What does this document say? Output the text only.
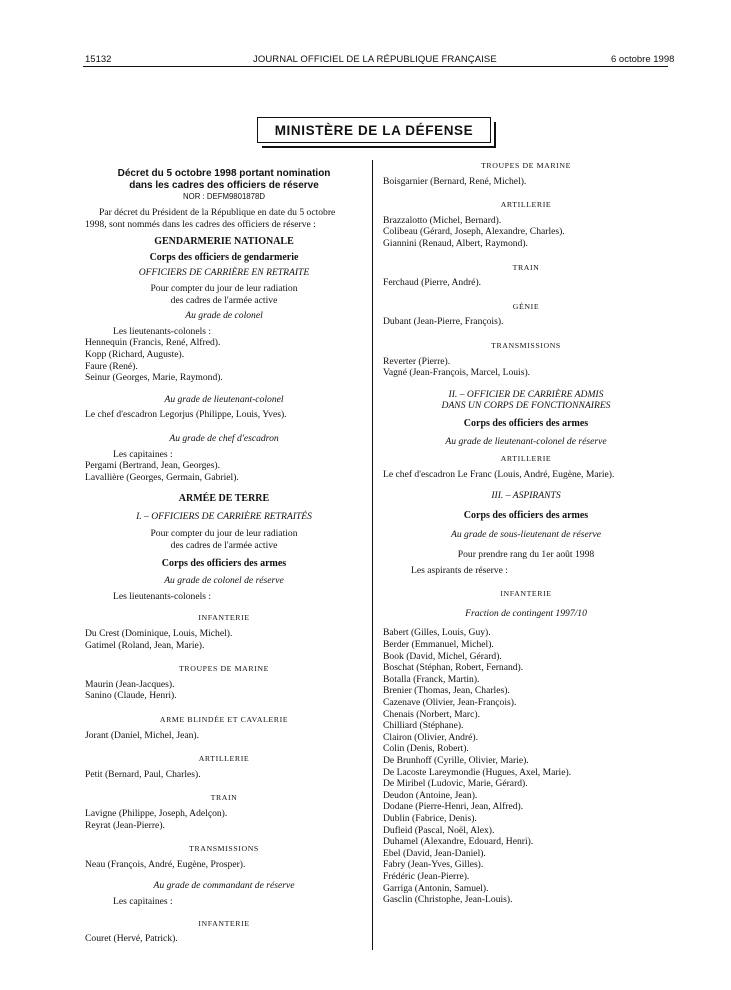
15132	JOURNAL OFFICIEL DE LA RÉPUBLIQUE FRANÇAISE	6 octobre 1998
MINISTÈRE DE LA DÉFENSE
Décret du 5 octobre 1998 portant nomination
dans les cadres des officiers de réserve
NOR : DEFM9801878D
Par décret du Président de la République en date du 5 octobre
1998, sont nommés dans les cadres des officiers de réserve :
GENDARMERIE NATIONALE
Corps des officiers de gendarmerie
OFFICIERS DE CARRIÈRE EN RETRAITE
Pour compter du jour de leur radiation
des cadres de l'armée active
Au grade de colonel
Les lieutenants-colonels :
Hennequin (Francis, René, Alfred).
Kopp (Richard, Auguste).
Faure (René).
Seinur (Georges, Marie, Raymond).
Au grade de lieutenant-colonel
Le chef d'escadron Legorjus (Philippe, Louis, Yves).
Au grade de chef d'escadron
Les capitaines :
Pergami (Bertrand, Jean, Georges).
Lavallière (Georges, Germain, Gabriel).
ARMÉE DE TERRE
I. – OFFICIERS DE CARRIÈRE RETRAITÉS
Pour compter du jour de leur radiation
des cadres de l'armée active
Corps des officiers des armes
Au grade de colonel de réserve
Les lieutenants-colonels :
INFANTERIE
Du Crest (Dominique, Louis, Michel).
Gatimel (Roland, Jean, Marie).
TROUPES DE MARINE
Maurin (Jean-Jacques).
Sanino (Claude, Henri).
ARME BLINDÉE ET CAVALERIE
Jorant (Daniel, Michel, Jean).
ARTILLERIE
Petit (Bernard, Paul, Charles).
TRAIN
Lavigne (Philippe, Joseph, Adelçon).
Reyrat (Jean-Pierre).
TRANSMISSIONS
Neau (François, André, Eugène, Prosper).
Au grade de commandant de réserve
Les capitaines :
INFANTERIE
Couret (Hervé, Patrick).
TROUPES DE MARINE
Boisgarnier (Bernard, René, Michel).
ARTILLERIE
Brazzalotto (Michel, Bernard).
Colibeau (Gérard, Joseph, Alexandre, Charles).
Giannini (Renaud, Albert, Raymond).
TRAIN
Ferchaud (Pierre, André).
GÉNIE
Dubant (Jean-Pierre, François).
TRANSMISSIONS
Reverter (Pierre).
Vagné (Jean-François, Marcel, Louis).
II. – OFFICIER DE CARRIÈRE ADMIS
DANS UN CORPS DE FONCTIONNAIRES
Corps des officiers des armes
Au grade de lieutenant-colonel de réserve
ARTILLERIE
Le chef d'escadron Le Franc (Louis, André, Eugène, Marie).
III. – ASPIRANTS
Corps des officiers des armes
Au grade de sous-lieutenant de réserve
Pour prendre rang du 1er août 1998
Les aspirants de réserve :
INFANTERIE
Fraction de contingent 1997/10
Babert (Gilles, Louis, Guy).
Berder (Emmanuel, Michel).
Book (David, Michel, Gérard).
Boschat (Stéphan, Robert, Fernand).
Botalla (Franck, Martin).
Brenier (Thomas, Jean, Charles).
Cazenave (Olivier, Jean-François).
Chenais (Norbert, Marc).
Chilliard (Stéphane).
Clairon (Olivier, André).
Colin (Denis, Robert).
De Brunhoff (Cyrille, Olivier, Marie).
De Lacoste Lareymondie (Hugues, Axel, Marie).
De Miribel (Ludovic, Marie, Gérard).
Deudon (Antoine, Jean).
Dodane (Pierre-Henri, Jean, Alfred).
Dublin (Fabrice, Denis).
Dufleid (Pascal, Noël, Alex).
Duhamel (Alexandre, Edouard, Henri).
Ebel (David, Jean-Daniel).
Fabry (Jean-Yves, Gilles).
Frédéric (Jean-Pierre).
Garriga (Antonin, Samuel).
Gasclin (Christophe, Jean-Louis).
